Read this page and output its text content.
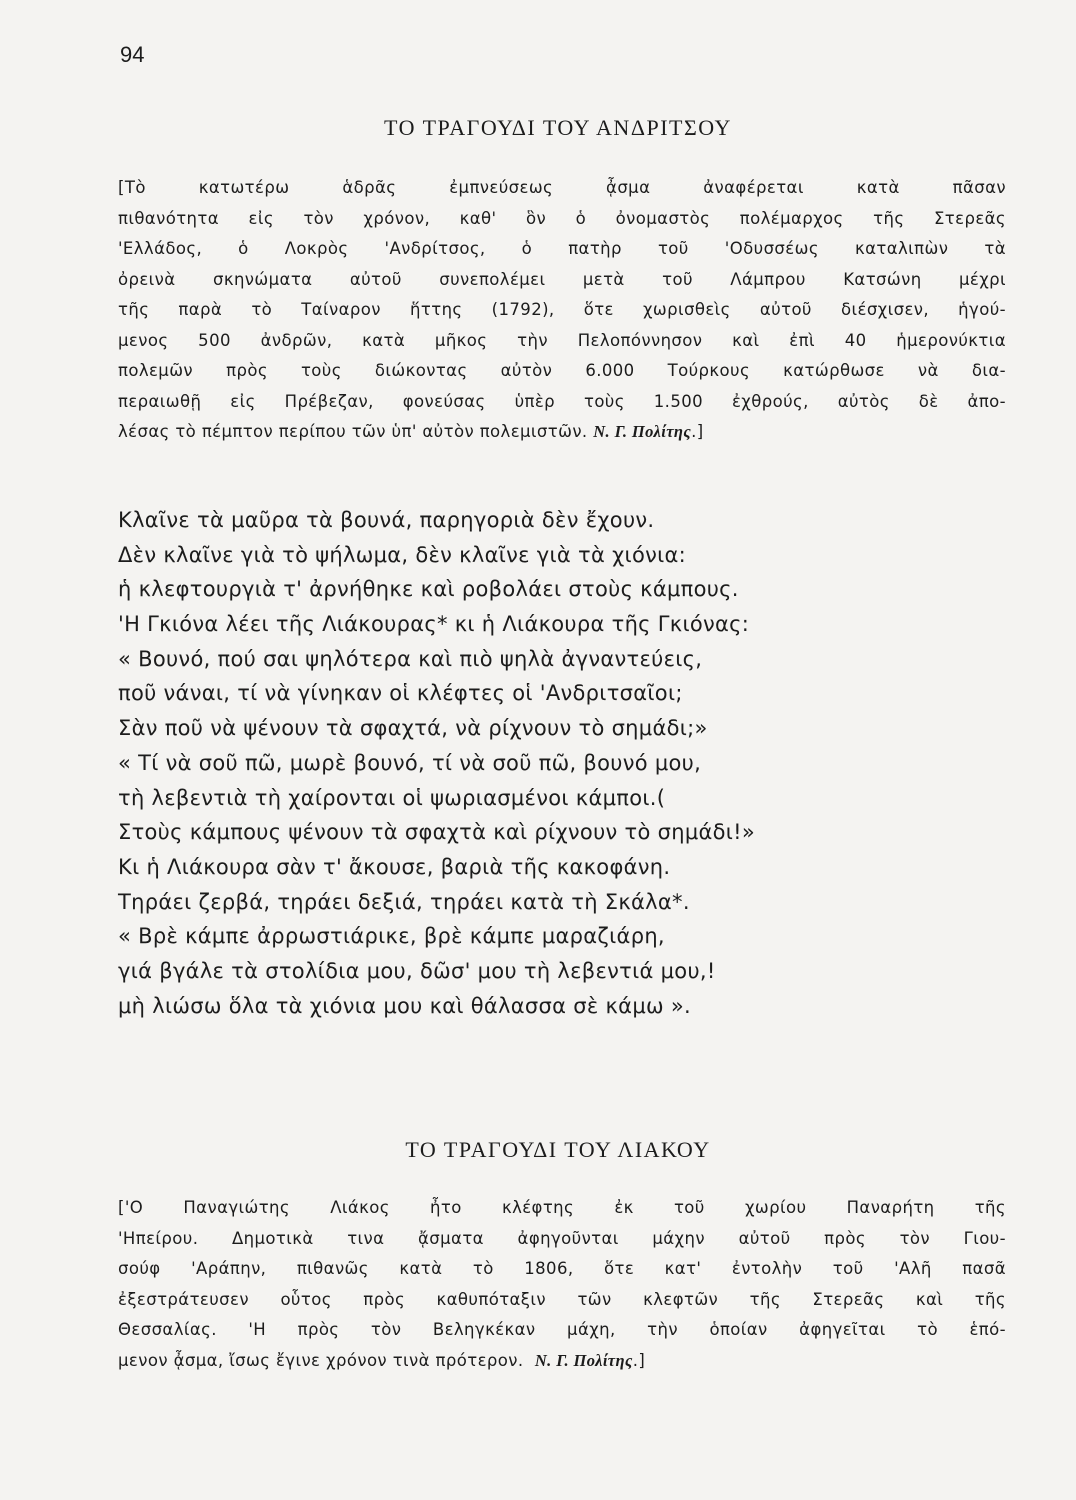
94
ΤΟ ΤΡΑΓΟΥΔΙ ΤΟΥ ΑΝΔΡΙΤΣΟΥ
[Τὸ κατωτέρω ἁδρᾶς ἐμπνεύσεως ᾆσμα ἀναφέρεται κατὰ πᾶσαν
πιθανότητα εἰς τὸν χρόνον, καθ' ὃν ὁ ὀνομαστὸς πολέμαρχος τῆς Στερεᾶς
'Ελλάδος, ὁ Λοκρὸς 'Ανδρίτσος, ὁ πατὴρ τοῦ 'Οδυσσέως καταλιπὼν τὰ
ὀρεινὰ σκηνώματα αὐτοῦ συνεπολέμει μετὰ τοῦ Λάμπρου Κατσώνη μέχρι
τῆς παρὰ τὸ Ταίναρον ἥττης (1792), ὅτε χωρισθεὶς αὐτοῦ διέσχισεν, ἡγού-
μενος 500 ἀνδρῶν, κατὰ μῆκος τὴν Πελοπόννησον καὶ ἐπὶ 40 ἡμερονύκτια
πολεμῶν πρὸς τοὺς διώκοντας αὐτὸν 6.000 Τούρκους κατώρθωσε νὰ δια-
περαιωθῇ εἰς Πρέβεζαν, φονεύσας ὑπὲρ τοὺς 1.500 ἐχθρούς, αὐτὸς δὲ ἀπο-
λέσας τὸ πέμπτον περίπου τῶν ὑπ' αὐτὸν πολεμιστῶν. Ν. Γ. Πολίτης.]
Κλαῖνε τὰ μαῦρα τὰ βουνά, παρηγοριὰ δὲν ἔχουν.
Δὲν κλαῖνε γιὰ τὸ ψήλωμα, δὲν κλαῖνε γιὰ τὰ χιόνια:
ἡ κλεφτουργιὰ τ' ἀρνήθηκε καὶ ροβολάει στοὺς κάμπους.
'Η Γκιόνα λέει τῆς Λιάκουρας* κι ἡ Λιάκουρα τῆς Γκιόνας:
« Βουνό, πού σαι ψηλότερα καὶ πιὸ ψηλὰ ἀγναντεύεις,
ποῦ νάναι, τί νὰ γίνηκαν οἱ κλέφτες οἱ 'Ανδριτσαῖοι;
Σὰν ποῦ νὰ ψένουν τὰ σφαχτά, νὰ ρίχνουν τὸ σημάδι;»
« Τί νὰ σοῦ πῶ, μωρὲ βουνό, τί νὰ σοῦ πῶ, βουνό μου,
τὴ λεβεντιὰ τὴ χαίρονται οἱ ψωριασμένοι κάμποι.(
Στοὺς κάμπους ψένουν τὰ σφαχτὰ καὶ ρίχνουν τὸ σημάδι!»
Κι ἡ Λιάκουρα σὰν τ' ἄκουσε, βαριὰ τῆς κακοφάνη.
Τηράει ζερβά, τηράει δεξιά, τηράει κατὰ τὴ Σκάλα*.
« Βρὲ κάμπε ἀρρωστιάρικε, βρὲ κάμπε μαραζιάρη,
γιά βγάλε τὰ στολίδια μου, δῶσ' μου τὴ λεβεντιά μου,!
μὴ λιώσω ὅλα τὰ χιόνια μου καὶ θάλασσα σὲ κάμω ».
ΤΟ ΤΡΑΓΟΥΔΙ ΤΟΥ ΛΙΑΚΟΥ
['Ο Παναγιώτης Λιάκος ἦτο κλέφτης ἐκ τοῦ χωρίου Παναρήτη τῆς
'Ηπείρου. Δημοτικὰ τινα ᾄσματα ἀφηγοῦνται μάχην αὐτοῦ πρὸς τὸν Γιου-
σούφ 'Αράπην, πιθανῶς κατὰ τὸ 1806, ὅτε κατ' ἐντολὴν τοῦ 'Αλῆ πασᾶ
ἐξεστράτευσεν οὗτος πρὸς καθυπόταξιν τῶν κλεφτῶν τῆς Στερεᾶς καὶ τῆς
Θεσσαλίας. 'Η πρὸς τὸν Βεληγκέκαν μάχη, τὴν ὁποίαν ἀφηγεῖται τὸ ἑπό-
μενον ᾆσμα, ἴσως ἔγινε χρόνον τινὰ πρότερον. Ν. Γ. Πολίτης.]
